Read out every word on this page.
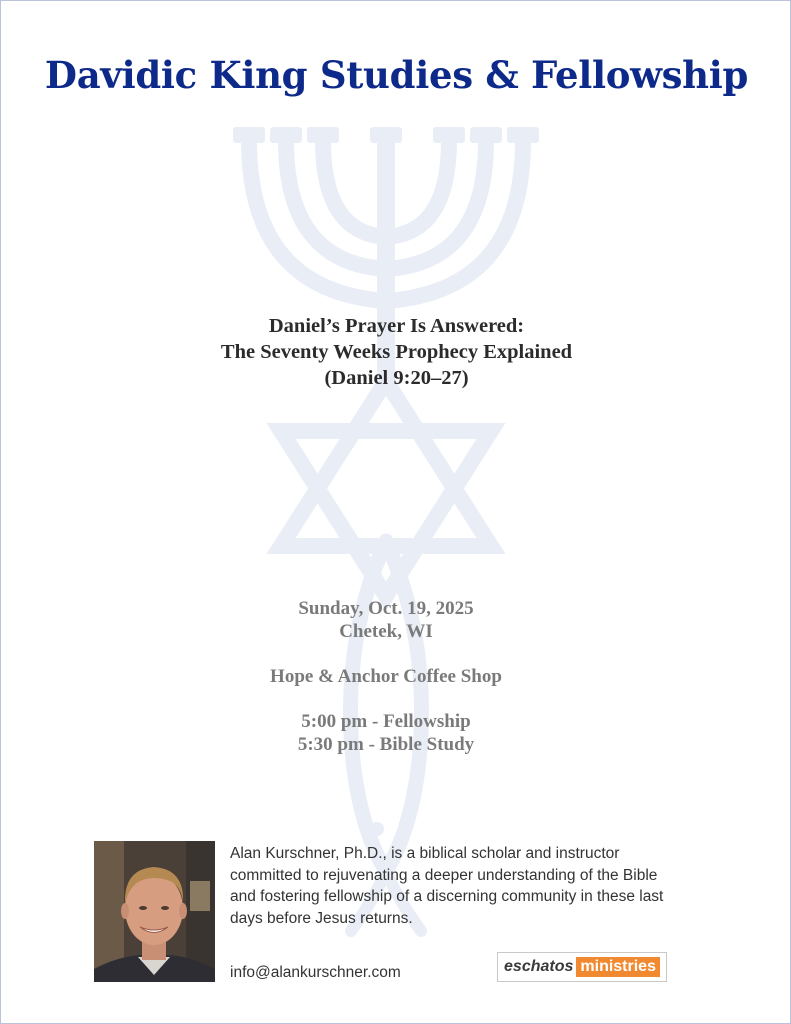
Davidic King Studies & Fellowship
Daniel’s Prayer Is Answered:
The Seventy Weeks Prophecy Explained
(Daniel 9:20–27)
Sunday, Oct. 19, 2025
Chetek, WI
Hope & Anchor Coffee Shop
5:00 pm - Fellowship
5:30 pm - Bible Study
Alan Kurschner, Ph.D., is a biblical scholar and instructor committed to rejuvenating a deeper understanding of the Bible and fostering fellowship of a discerning community in these last days before Jesus returns.
info@alankurschner.com	eschatos ministries
